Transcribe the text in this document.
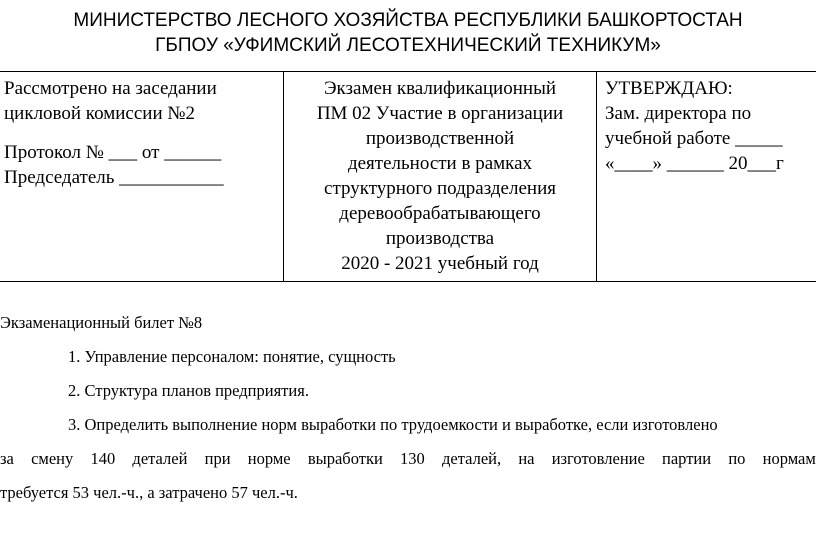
МИНИСТЕРСТВО ЛЕСНОГО ХОЗЯЙСТВА РЕСПУБЛИКИ БАШКОРТОСТАН
ГБПОУ «УФИМСКИЙ ЛЕСОТЕХНИЧЕСКИЙ ТЕХНИКУМ»
Рассмотрено на заседании
цикловой комиссии №2
Протокол № ___ от ______
Председатель ___________
Экзамен квалификационный
ПМ 02 Участие в организации
производственной
деятельности в рамках
структурного подразделения
деревообрабатывающего
производства
2020 - 2021 учебный год
УТВЕРЖДАЮ:
Зам. директора по
учебной работе _____
«____» ______ 20___г
Экзаменационный билет №8
1. Управление персоналом: понятие, сущность
2. Структура планов предприятия.
3. Определить выполнение норм выработки по трудоемкости и выработке, если изготовлено
за смену 140 деталей при норме выработки 130 деталей, на изготовление партии по нормам
требуется 53 чел.-ч., а затрачено 57 чел.-ч.
